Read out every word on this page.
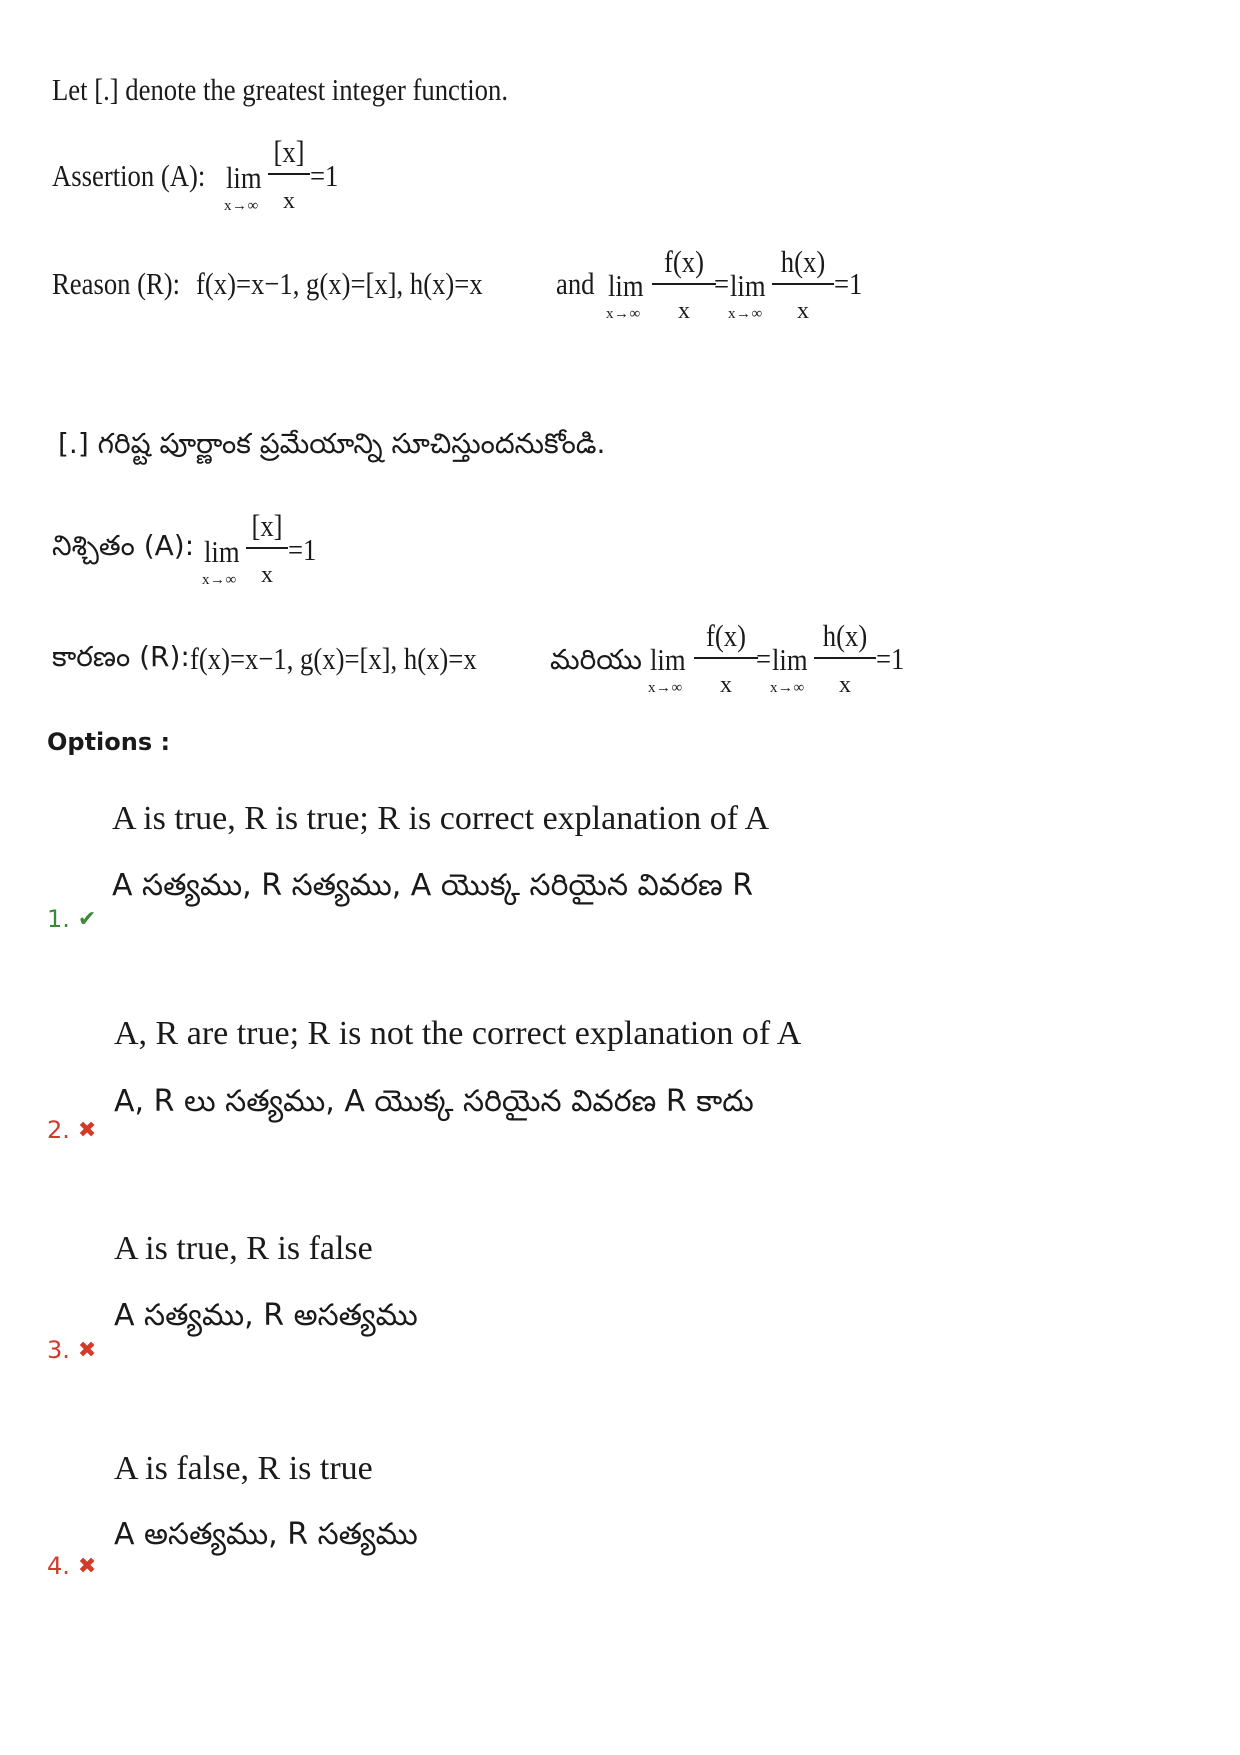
Let [.] denote the greatest integer function.
Assertion (A): lim
x→∞
[x]
x
=1
Reason (R): f(x)=x−1, g(x)=[x], h(x)=x and lim
x→∞
f(x)
x
= lim
x→∞
h(x)
x
=1
[.] గరిష్ట పూర్ణాంక ప్రమేయాన్ని సూచిస్తుందనుకోండి.
నిశ్చితం (A): lim
x→∞
[x]
x
=1
కారణం (R): f(x)=x−1, g(x)=[x], h(x)=x	మరియు lim
x→∞
f(x)
x
= lim
x→∞
h(x)
x
=1
Options :
A is true, R is true; R is correct explanation of A
A సత్యము, R సత్యము, A యొక్క సరియైన వివరణ R
1. ✔
A, R are true; R is not the correct explanation of A
A, R లు సత్యము, A యొక్క సరియైన వివరణ R కాదు
2. ✖
A is true, R is false
A సత్యము, R అసత్యము
3. ✖
A is false, R is true
A అసత్యము, R సత్యము
4. ✖
